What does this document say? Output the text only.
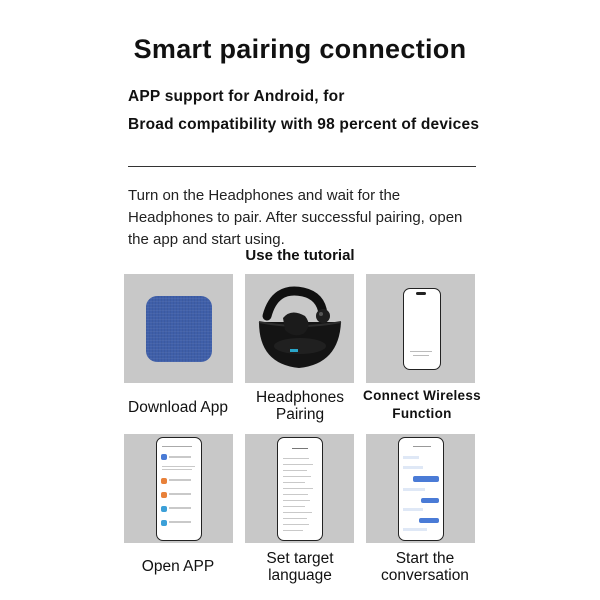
Smart pairing connection
APP support for Android, for
Broad compatibility with 98 percent of devices
Turn on the Headphones and wait for the Headphones to pair. After successful pairing, open the app and start using.
Use the tutorial
Download App
Headphones Pairing
Connect Wireless Function
Open APP	Set target language
Start the conversation
